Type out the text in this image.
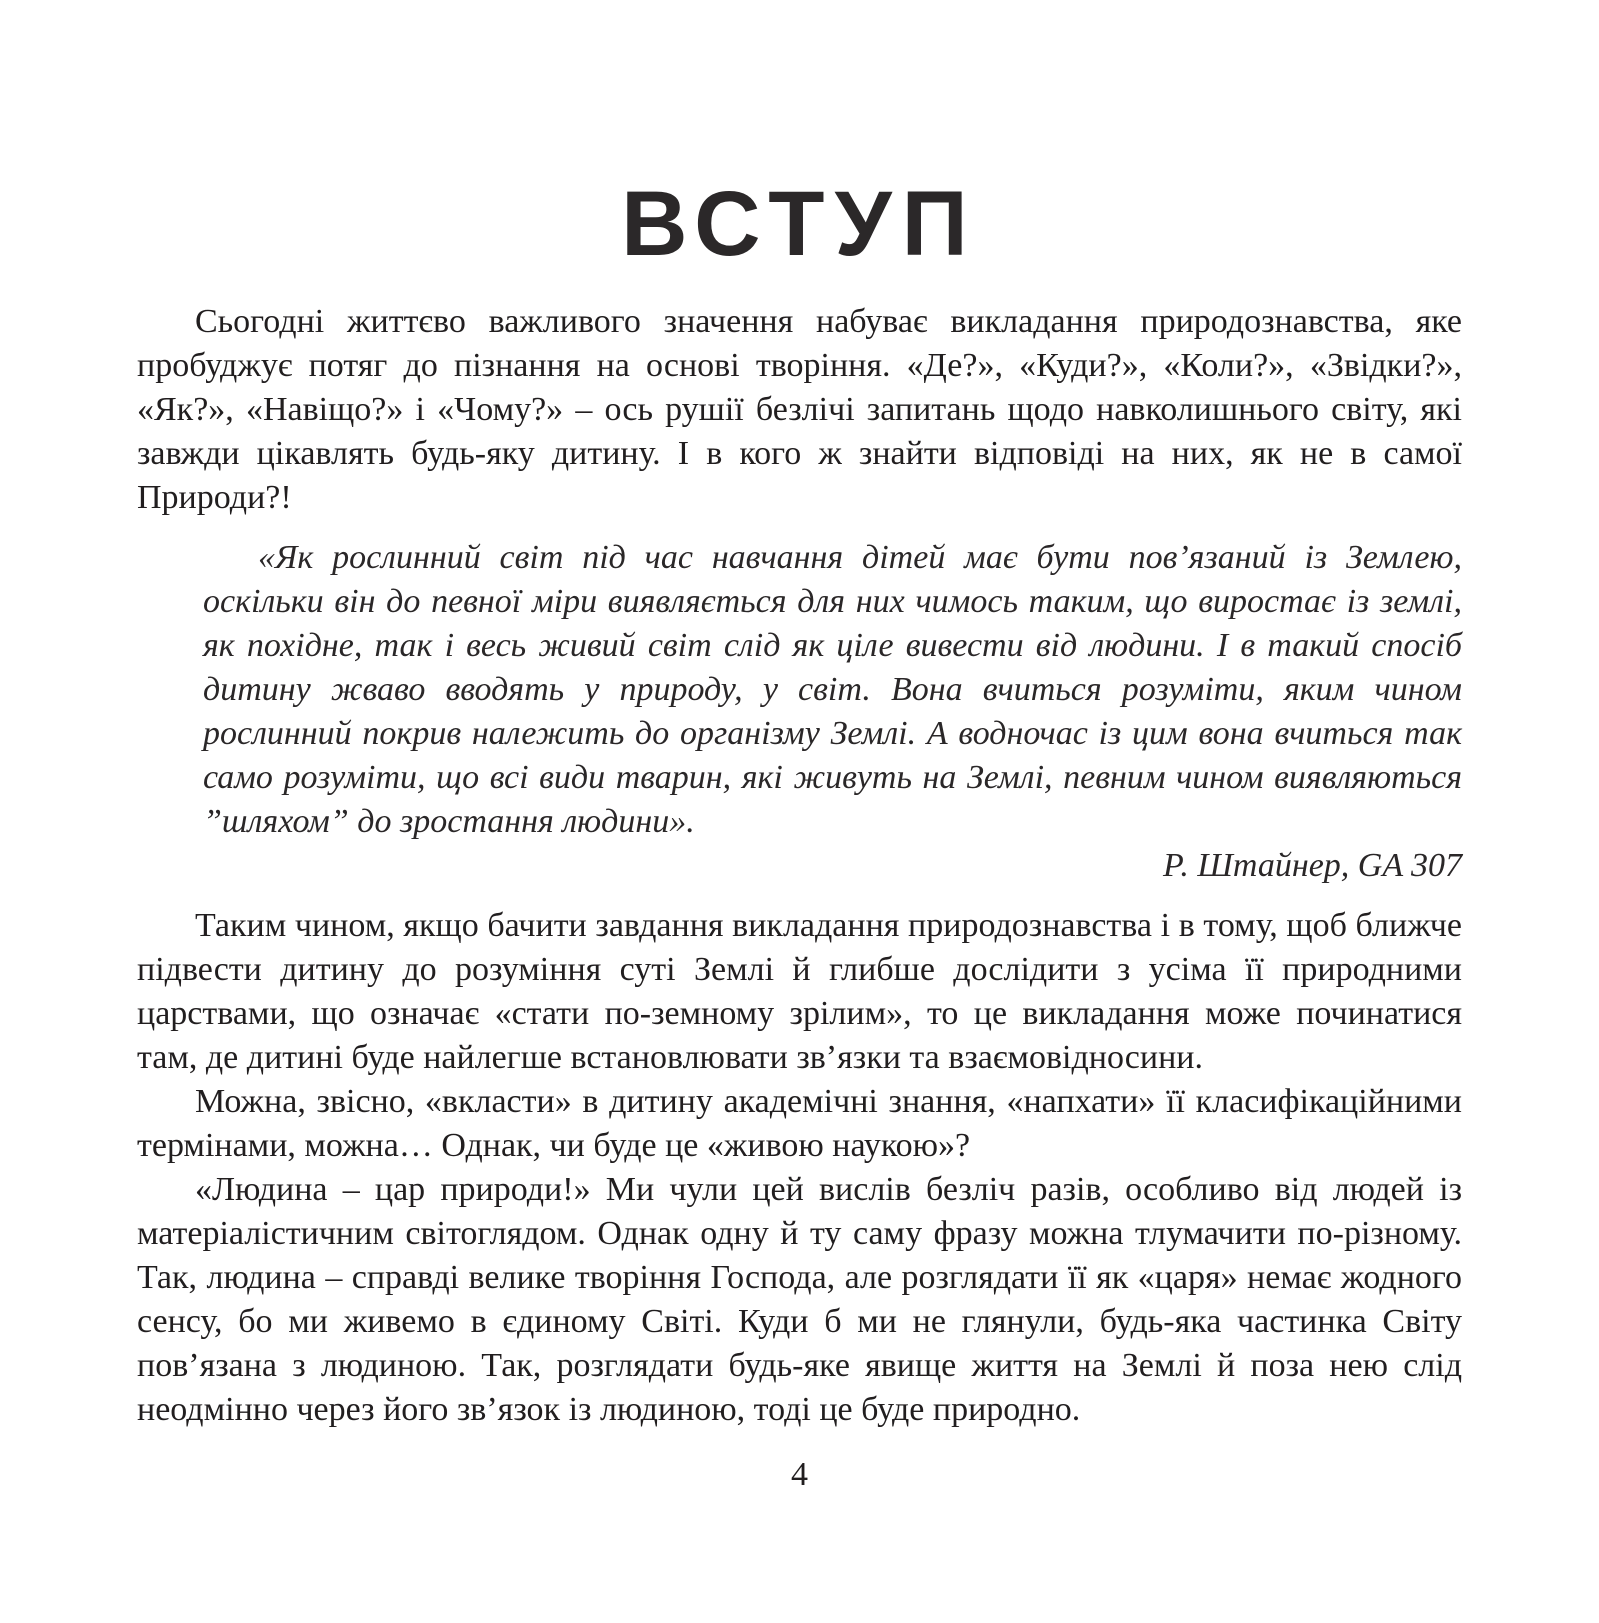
ВСТУП

Сьогодні життєво важливого значення набуває викладання природознавства, яке пробуджує потяг до пізнання на основі творіння. «Де?», «Куди?», «Коли?», «Звідки?», «Як?», «Навіщо?» і «Чому?» – ось рушії безлічі запитань щодо навколишнього світу, які завжди цікавлять будь-яку дитину. І в кого ж знайти відповіді на них, як не в самої Природи?!

«Як рослинний світ під час навчання дітей має бути пов’язаний із Землею, оскільки він до певної міри виявляється для них чимось таким, що виростає із землі, як похідне, так і весь живий світ слід як ціле вивести від людини. І в такий спосіб дитину жваво вводять у природу, у світ. Вона вчиться розуміти, яким чином рослинний покрив належить до організму Землі. А водночас із цим вона вчиться так само розуміти, що всі види тварин, які живуть на Землі, певним чином виявляються ”шляхом” до зростання людини».

Р. Штайнер, GA 307

Таким чином, якщо бачити завдання викладання природознавства і в тому, щоб ближче підвести дитину до розуміння суті Землі й глибше дослідити з усіма її природними царствами, що означає «стати по-земному зрілим», то це викладання може починатися там, де дитині буде найлегше встановлювати зв’язки та взаємовідносини.

Можна, звісно, «вкласти» в дитину академічні знання, «напхати» її класифікаційними термінами, можна… Однак, чи буде це «живою наукою»?

«Людина – цар природи!» Ми чули цей вислів безліч разів, особливо від людей із матеріалістичним світоглядом. Однак одну й ту саму фразу можна тлумачити по-різному. Так, людина – справді велике творіння Господа, але розглядати її як «царя» немає жодного сенсу, бо ми живемо в єдиному Світі. Куди б ми не глянули, будь-яка частинка Світу пов’язана з людиною. Так, розглядати будь-яке явище життя на Землі й поза нею слід неодмінно через його зв’язок із людиною, тоді це буде природно.

4
